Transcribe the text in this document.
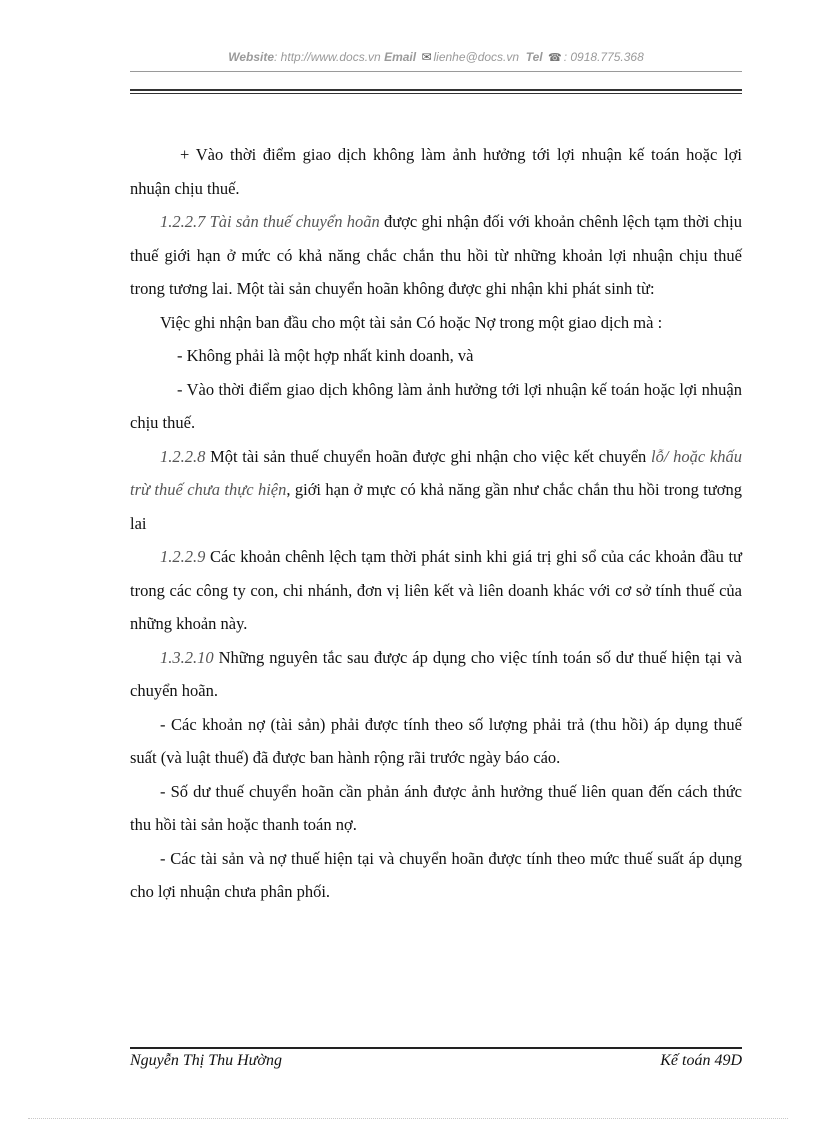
Website: http://www.docs.vn Email ✉ lienhe@docs.vn Tel ☎ : 0918.775.368

+ Vào thời điểm giao dịch không làm ảnh hưởng tới lợi nhuận kế toán hoặc lợi nhuận chịu thuế.

1.2.2.7 Tài sản thuế chuyển hoãn được ghi nhận đối với khoản chênh lệch tạm thời chịu thuế giới hạn ở mức có khả năng chắc chắn thu hồi từ những khoản lợi nhuận chịu thuế trong tương lai. Một tài sản chuyển hoãn không được ghi nhận khi phát sinh từ:

Việc ghi nhận ban đầu cho một tài sản Có hoặc Nợ trong một giao dịch mà :

- Không phải là một hợp nhất kinh doanh, và

- Vào thời điểm giao dịch không làm ảnh hưởng tới lợi nhuận kế toán hoặc lợi nhuận chịu thuế.

1.2.2.8 Một tài sản thuế chuyển hoãn được ghi nhận cho việc kết chuyển lỗ/ hoặc khấu trừ thuế chưa thực hiện, giới hạn ở mực có khả năng gần như chắc chắn thu hồi trong tương lai

1.2.2.9 Các khoản chênh lệch tạm thời phát sinh khi giá trị ghi sổ của các khoản đầu tư trong các công ty con, chi nhánh, đơn vị liên kết và liên doanh khác với cơ sở tính thuế của những khoản này.

1.3.2.10 Những nguyên tắc sau được áp dụng cho việc tính toán số dư thuế hiện tại và chuyển hoãn.

- Các khoản nợ (tài sản) phải được tính theo số lượng phải trả (thu hồi) áp dụng thuế suất (và luật thuế) đã được ban hành rộng rãi trước ngày báo cáo.

- Số dư thuế chuyển hoãn cần phản ánh được ảnh hưởng thuế liên quan đến cách thức thu hồi tài sản hoặc thanh toán nợ.

- Các tài sản và nợ thuế hiện tại và chuyển hoãn được tính theo mức thuế suất áp dụng cho lợi nhuận chưa phân phối.

Nguyễn Thị Thu Hường	Kế toán 49D
